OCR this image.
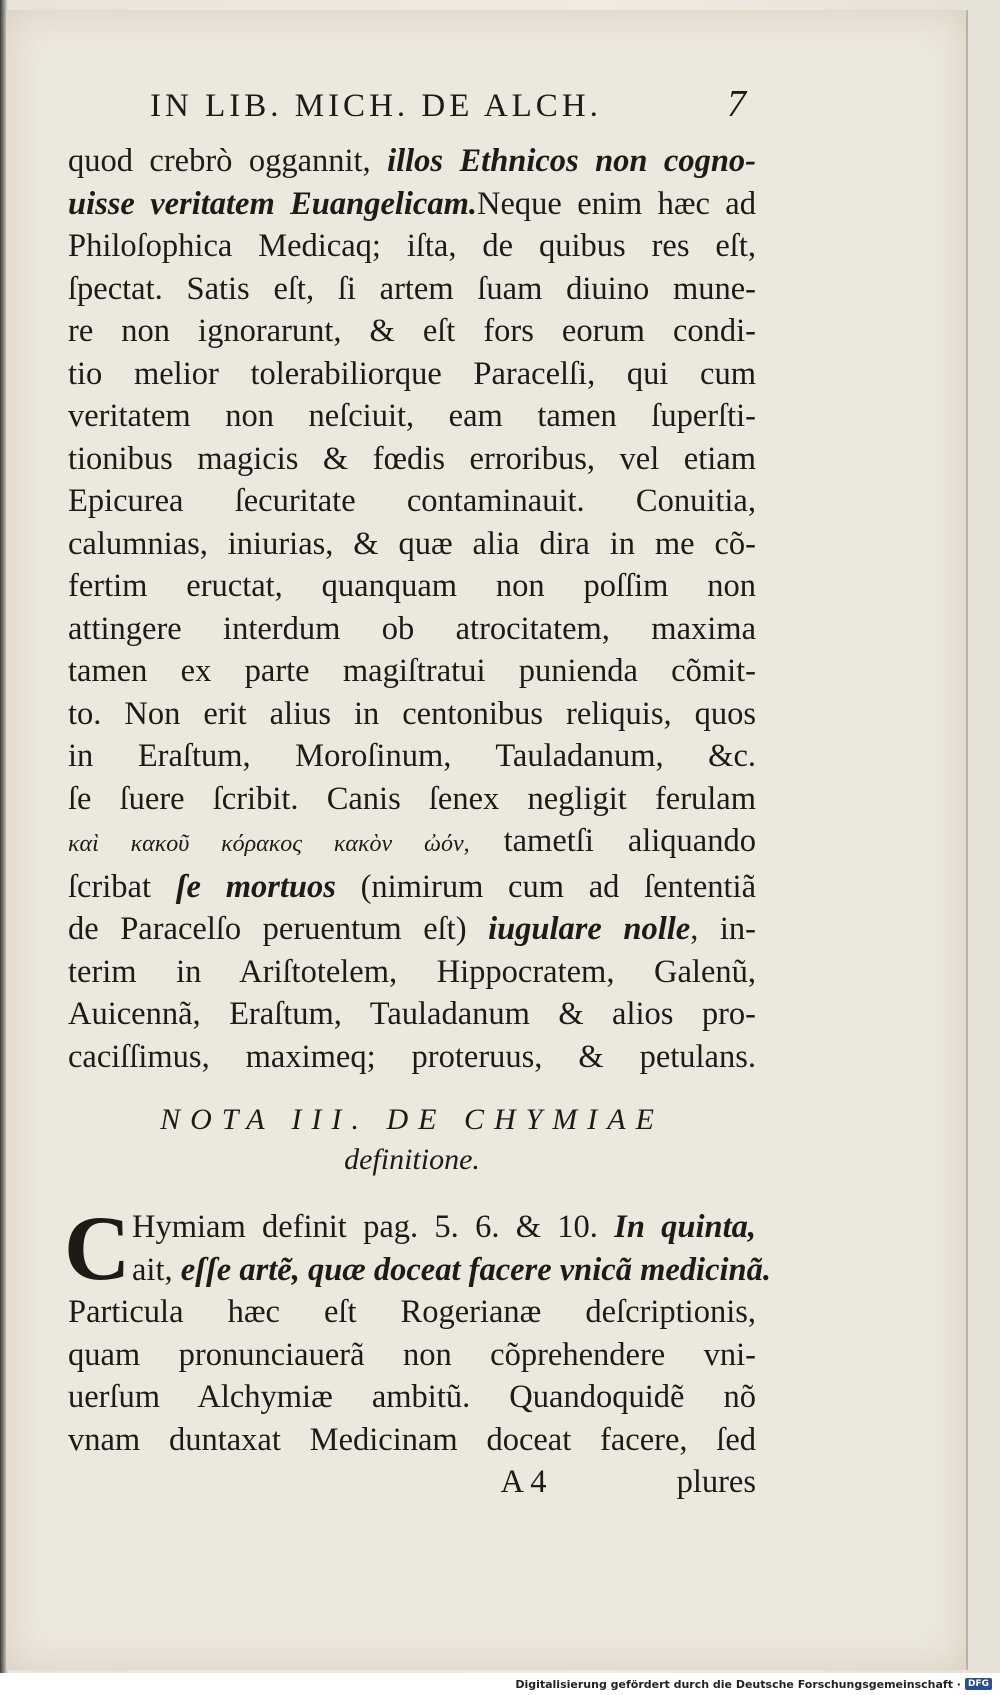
IN LIB. MICH. DE ALCH.	7
quod crebrò oggannit, illos Ethnicos non cogno-
uisse veritatem Euangelicam.Neque enim hæc ad
Philoſophica Medicaq; iſta, de quibus res eſt,
ſpectat. Satis eſt, ſi artem ſuam diuino mune-
re non ignorarunt, & eſt fors eorum condi-
tio melior tolerabiliorque Paracelſi, qui cum
veritatem non neſciuit, eam tamen ſuperſti-
tionibus magicis & fœdis erroribus, vel etiam
Epicurea ſecuritate contaminauit. Conuitia,
calumnias, iniurias, & quæ alia dira in me cõ-
fertim eructat, quanquam non poſſim non
attingere interdum ob atrocitatem, maxima
tamen ex parte magiſtratui punienda cõmit-
to. Non erit alius in centonibus reliquis, quos
in Eraſtum, Moroſinum, Tauladanum, &c.
ſe ſuere ſcribit. Canis ſenex negligit ferulam
καὶ κακοῦ κόρακος κακὸν ὠόν, tametſi aliquando
ſcribat ſe mortuos (nimirum cum ad ſententiã
de Paracelſo peruentum eſt) iugulare nolle, in-
terim in Ariſtotelem, Hippocratem, Galenũ,
Auicennã, Eraſtum, Tauladanum & alios pro-
caciſſimus, maximeq; proteruus, & petulans.
NOTA III. DE CHYMIAE
definitione.
C Hymiam definit pag. 5. 6. & 10. In quinta,
ait, eſſe artẽ, quæ doceat facere vnicã medicinã.
Particula hæc eſt Rogerianæ deſcriptionis,
quam pronunciauerã non cõprehendere vni-
uerſum Alchymiæ ambitũ. Quandoquidẽ nõ
vnam duntaxat Medicinam doceat facere, ſed
A 4	plures
Digitalisierung gefördert durch die Deutsche Forschungsgemeinschaft · DFG
